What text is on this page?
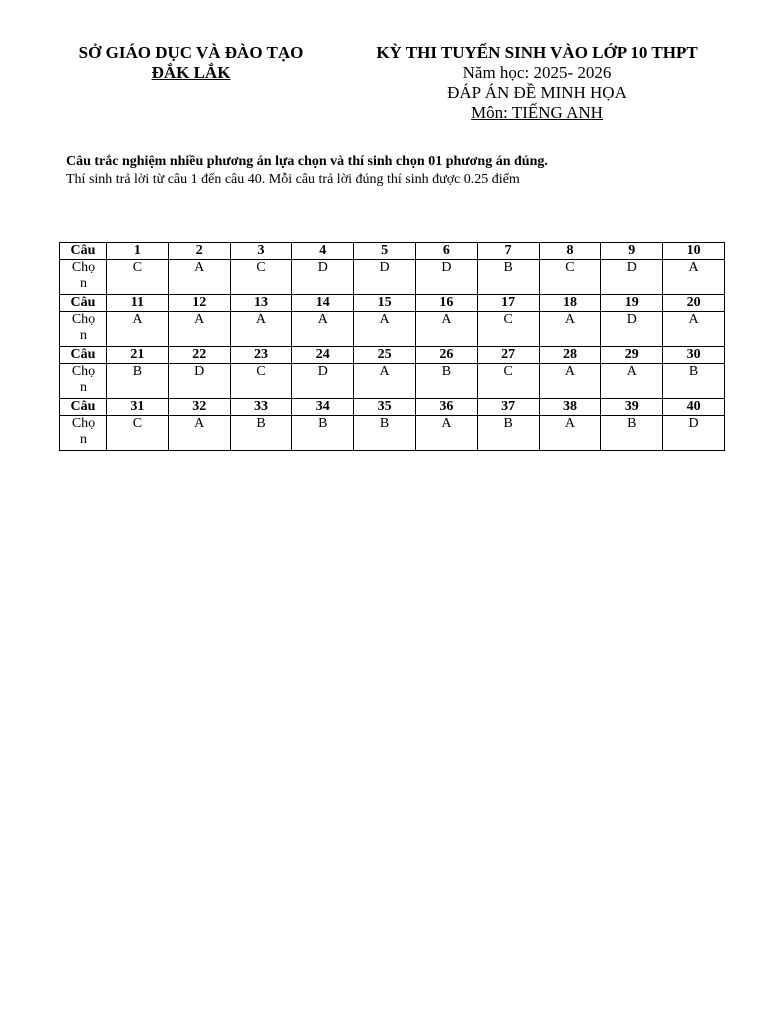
SỞ GIÁO DỤC VÀ ĐÀO TẠO
ĐẮK LẮK
KỲ THI TUYỂN SINH VÀO LỚP 10 THPT
Năm học: 2025- 2026
ĐÁP ÁN ĐỀ MINH HỌA
Môn: TIẾNG ANH
Câu trắc nghiệm nhiều phương án lựa chọn và thí sinh chọn 01 phương án đúng.
Thí sinh trả lời từ câu 1 đến câu 40. Mỗi câu trả lời đúng thí sinh được 0.25 điểm
Câu	1	2	3	4	5	6	7	8	9	10
Chọn	C	A	C	D	D	D	B	C	D	A
Câu	11	12	13	14	15	16	17	18	19	20
Chọn	A	A	A	A	A	A	C	A	D	A
Câu	21	22	23	24	25	26	27	28	29	30
Chọn	B	D	C	D	A	B	C	A	A	B
Câu	31	32	33	34	35	36	37	38	39	40
Chọn	C	A	B	B	B	A	B	A	B	D
